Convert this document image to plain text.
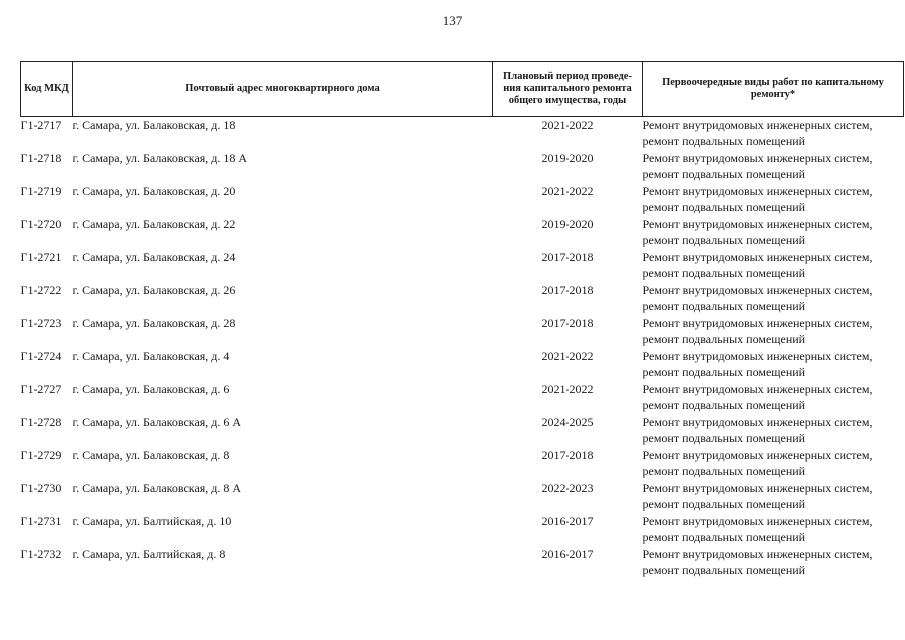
137
Код МКД	Почтовый адрес многоквартирного дома	Плановый период проведе-ния капитального ремонта общего имущества, годы	Первоочередные виды работ по капитальному ремонту*
Г1-2717	г. Самара, ул. Балаковская, д. 18	2021-2022	Ремонт внутридомовых инженерных систем,
ремонт подвальных помещений
Г1-2718	г. Самара, ул. Балаковская, д. 18 А	2019-2020	Ремонт внутридомовых инженерных систем,
ремонт подвальных помещений
Г1-2719	г. Самара, ул. Балаковская, д. 20	2021-2022	Ремонт внутридомовых инженерных систем,
ремонт подвальных помещений
Г1-2720	г. Самара, ул. Балаковская, д. 22	2019-2020	Ремонт внутридомовых инженерных систем,
ремонт подвальных помещений
Г1-2721	г. Самара, ул. Балаковская, д. 24	2017-2018	Ремонт внутридомовых инженерных систем,
ремонт подвальных помещений
Г1-2722	г. Самара, ул. Балаковская, д. 26	2017-2018	Ремонт внутридомовых инженерных систем,
ремонт подвальных помещений
Г1-2723	г. Самара, ул. Балаковская, д. 28	2017-2018	Ремонт внутридомовых инженерных систем,
ремонт подвальных помещений
Г1-2724	г. Самара, ул. Балаковская, д. 4	2021-2022	Ремонт внутридомовых инженерных систем,
ремонт подвальных помещений
Г1-2727	г. Самара, ул. Балаковская, д. 6	2021-2022	Ремонт внутридомовых инженерных систем,
ремонт подвальных помещений
Г1-2728	г. Самара, ул. Балаковская, д. 6 А	2024-2025	Ремонт внутридомовых инженерных систем,
ремонт подвальных помещений
Г1-2729	г. Самара, ул. Балаковская, д. 8	2017-2018	Ремонт внутридомовых инженерных систем,
ремонт подвальных помещений
Г1-2730	г. Самара, ул. Балаковская, д. 8 А	2022-2023	Ремонт внутридомовых инженерных систем,
ремонт подвальных помещений
Г1-2731	г. Самара, ул. Балтийская, д. 10	2016-2017	Ремонт внутридомовых инженерных систем,
ремонт подвальных помещений
Г1-2732	г. Самара, ул. Балтийская, д. 8	2016-2017	Ремонт внутридомовых инженерных систем,
ремонт подвальных помещений
